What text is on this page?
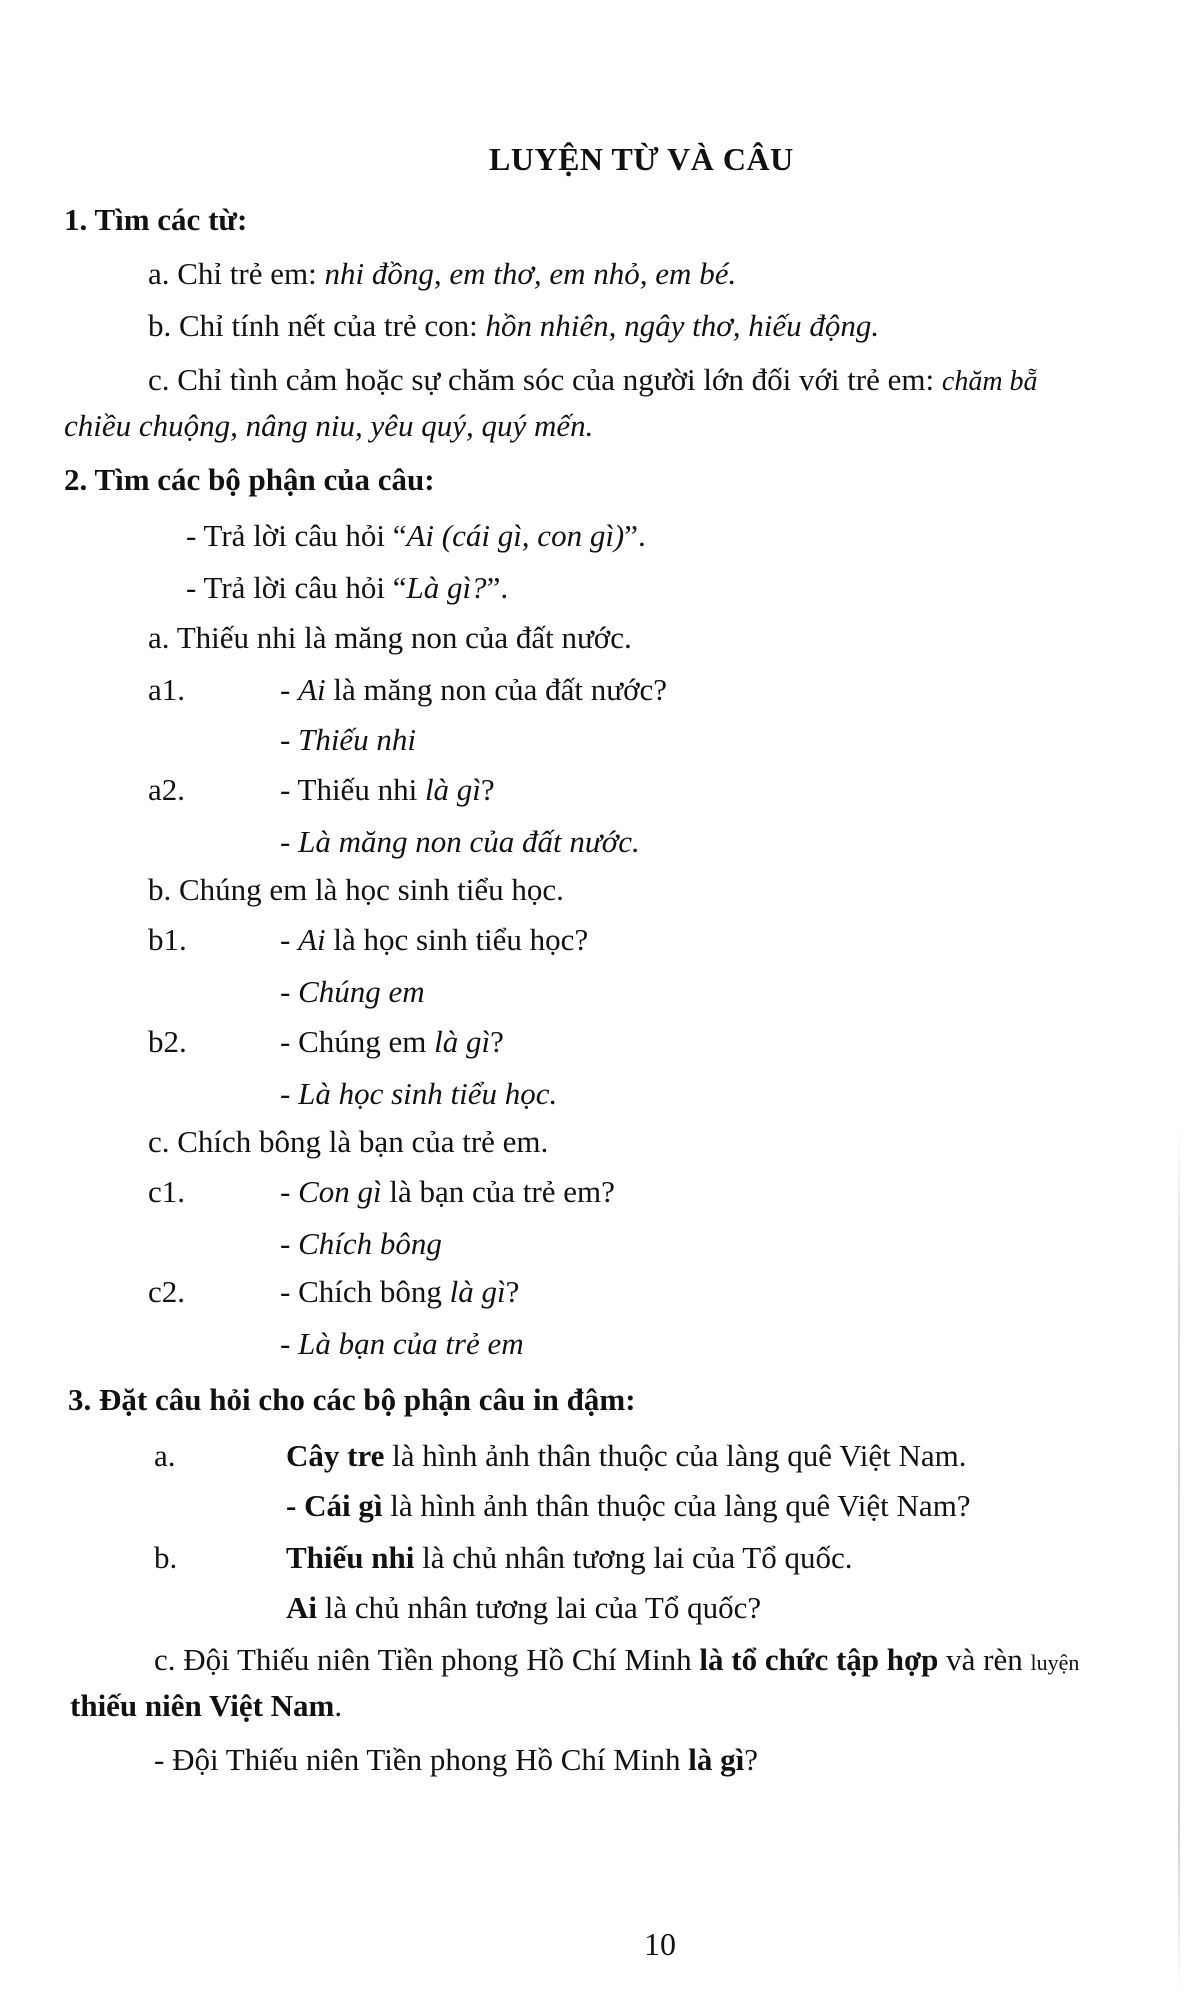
LUYỆN TỪ VÀ CÂU
1. Tìm các từ:
a. Chỉ trẻ em: nhi đồng, em thơ, em nhỏ, em bé.
b. Chỉ tính nết của trẻ con: hồn nhiên, ngây thơ, hiếu động.
c. Chỉ tình cảm hoặc sự chăm sóc của người lớn đối với trẻ em: chăm bẵ
chiều chuộng, nâng niu, yêu quý, quý mến.
2. Tìm các bộ phận của câu:
- Trả lời câu hỏi “Ai (cái gì, con gì)”.
- Trả lời câu hỏi “Là gì?”.
a. Thiếu nhi là măng non của đất nước.
a1.	- Ai là măng non của đất nước?
- Thiếu nhi
a2.	- Thiếu nhi là gì?
- Là măng non của đất nước.
b. Chúng em là học sinh tiểu học.
b1.	- Ai là học sinh tiểu học?
- Chúng em
b2.	- Chúng em là gì?
- Là học sinh tiểu học.
c. Chích bông là bạn của trẻ em.
c1.	- Con gì là bạn của trẻ em?
- Chích bông
c2.	- Chích bông là gì?
- Là bạn của trẻ em
3. Đặt câu hỏi cho các bộ phận câu in đậm:
a.	Cây tre là hình ảnh thân thuộc của làng quê Việt Nam.
- Cái gì là hình ảnh thân thuộc của làng quê Việt Nam?
b.	Thiếu nhi là chủ nhân tương lai của Tổ quốc.
Ai là chủ nhân tương lai của Tổ quốc?
c. Đội Thiếu niên Tiền phong Hồ Chí Minh là tổ chức tập hợp và rèn luyện
thiếu niên Việt Nam.
- Đội Thiếu niên Tiền phong Hồ Chí Minh là gì?
10
